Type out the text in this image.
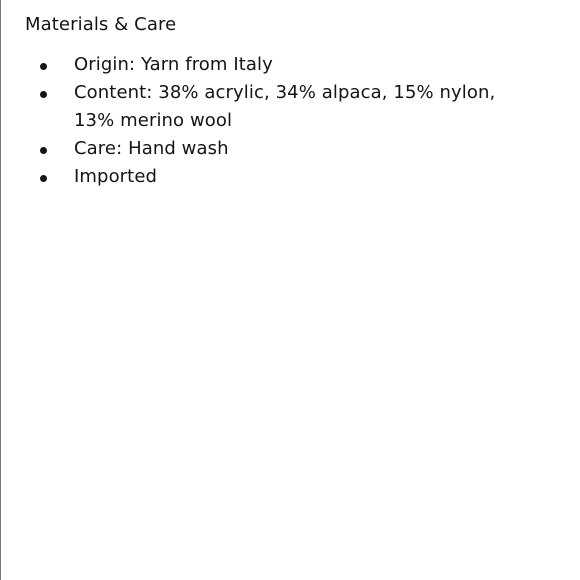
Materials & Care
Origin: Yarn from Italy
Content: 38% acrylic, 34% alpaca, 15% nylon, 13% merino wool
Care: Hand wash
Imported
